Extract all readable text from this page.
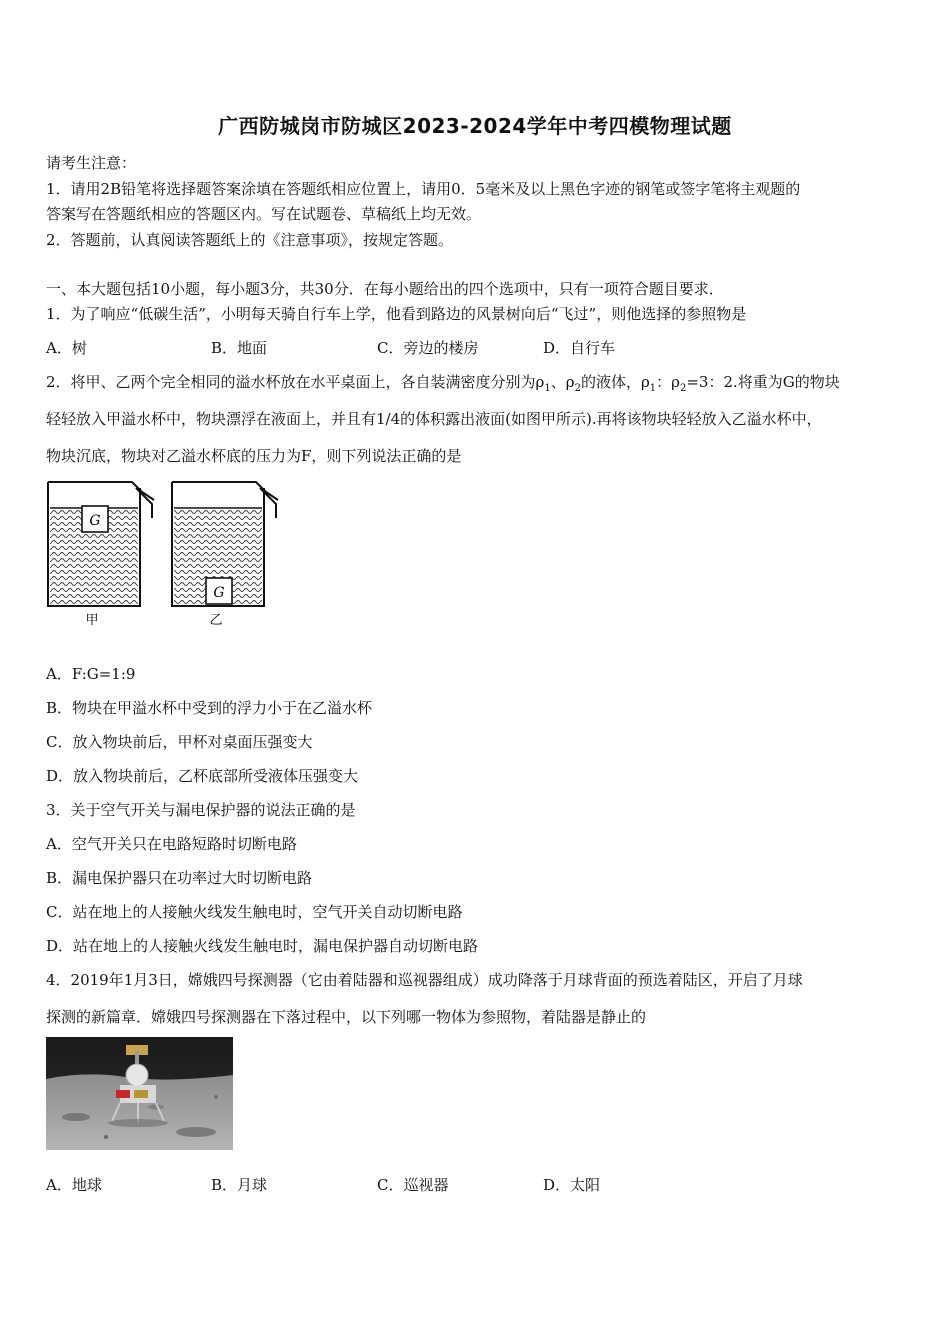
广西防城岗市防城区2023-2024学年中考四模物理试题
请考生注意：
1．请用2B铅笔将选择题答案涂填在答题纸相应位置上，请用0．5毫米及以上黑色字迹的钢笔或签字笔将主观题的
答案写在答题纸相应的答题区内。写在试题卷、草稿纸上均无效。
2．答题前，认真阅读答题纸上的《注意事项》，按规定答题。
一、本大题包括10小题，每小题3分，共30分．在每小题给出的四个选项中，只有一项符合题目要求．
1．为了响应“低碳生活”，小明每天骑自行车上学，他看到路边的风景树向后“飞过”，则他选择的参照物是
A．树	B．地面	C．旁边的楼房	D．自行车
2．将甲、乙两个完全相同的溢水杯放在水平桌面上，各自装满密度分别为$\rho_1$、$\rho_2$的液体，$\rho_1$：$\rho_2=3$：2.将重为G的物块
轻轻放入甲溢水杯中，物块漂浮在液面上，并且有1/4的体积露出液面(如图甲所示).再将该物块轻轻放入乙溢水杯中，
物块沉底，物块对乙溢水杯底的压力为F，则下列说法正确的是
G
甲
G
乙
A．F:G=1:9
B．物块在甲溢水杯中受到的浮力小于在乙溢水杯
C．放入物块前后，甲杯对桌面压强变大
D．放入物块前后，乙杯底部所受液体压强变大
3．关于空气开关与漏电保护器的说法正确的是
A．空气开关只在电路短路时切断电路
B．漏电保护器只在功率过大时切断电路
C．站在地上的人接触火线发生触电时，空气开关自动切断电路
D．站在地上的人接触火线发生触电时，漏电保护器自动切断电路
4．2019年1月3日，嫦娥四号探测器（它由着陆器和巡视器组成）成功降落于月球背面的预选着陆区，开启了月球
探测的新篇章．嫦娥四号探测器在下落过程中，以下列哪一物体为参照物，着陆器是静止的
A．地球	B．月球	C．巡视器	D．太阳
